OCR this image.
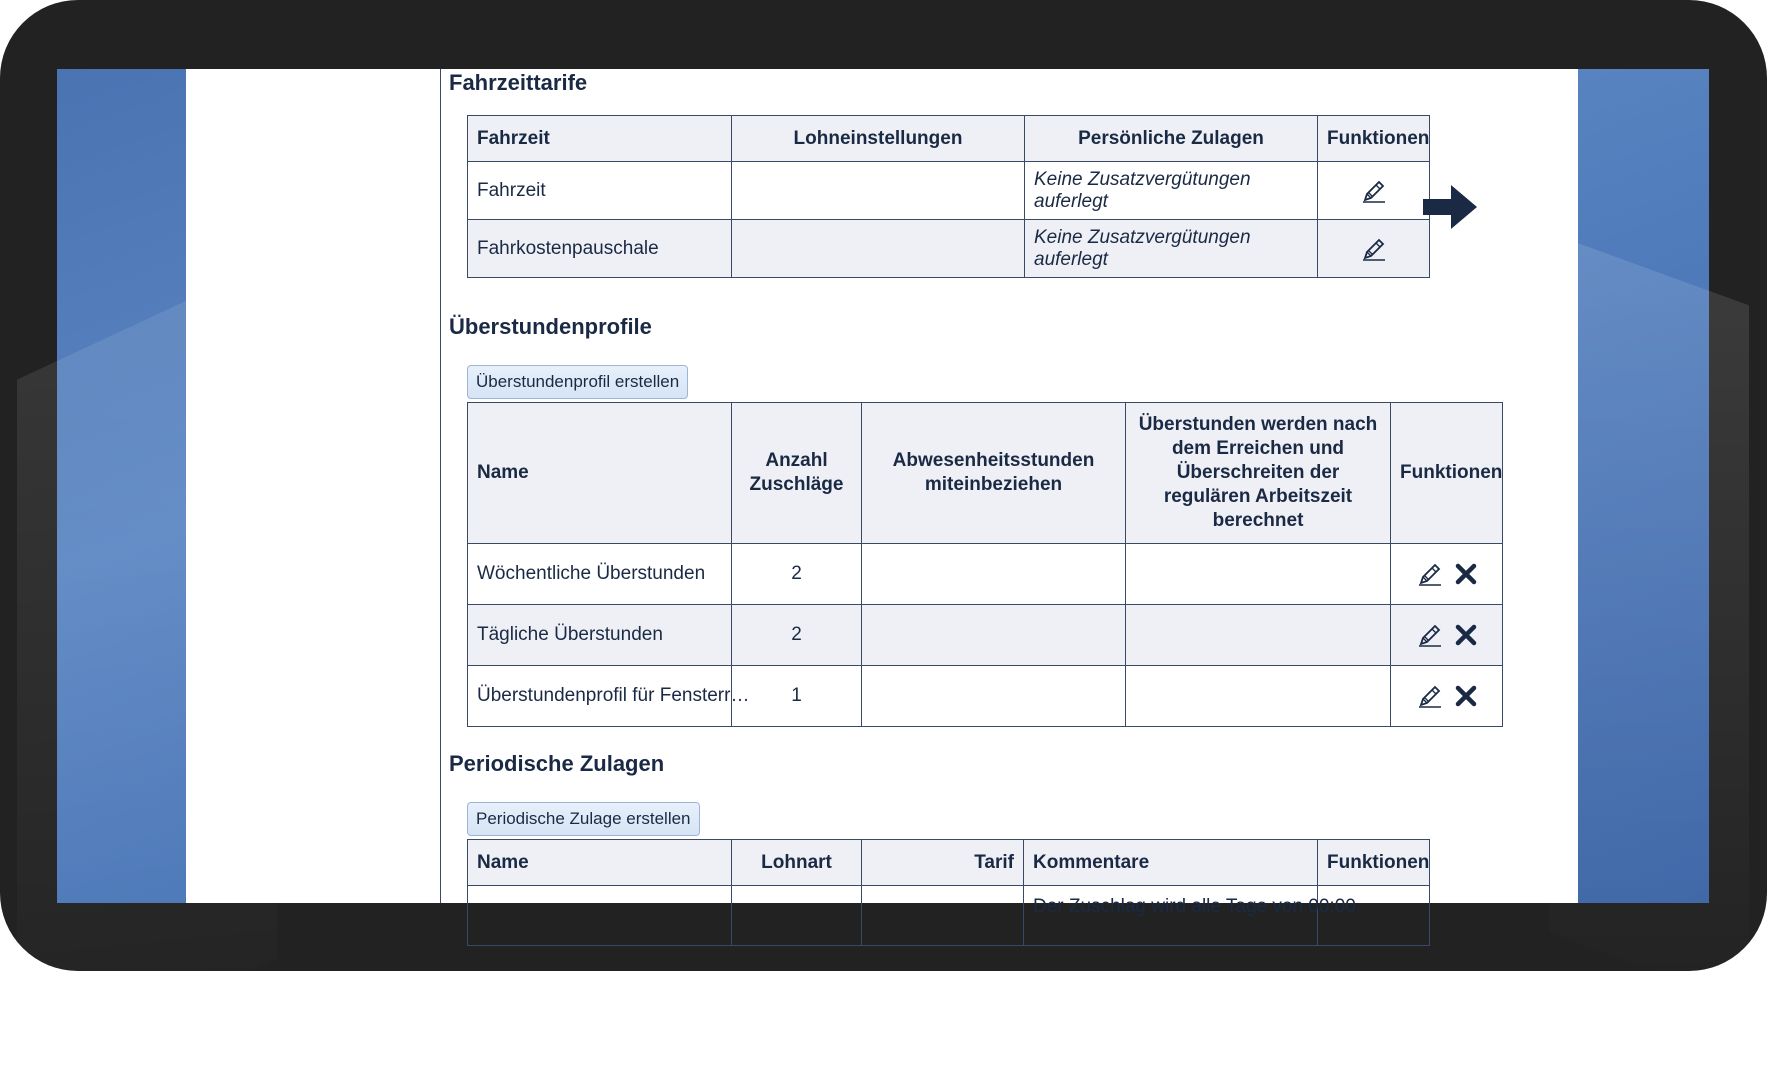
Fahrzeittarife
Fahrzeit	Lohneinstellungen	Persönliche Zulagen	Funktionen
Fahrzeit		Keine Zusatzvergütungen auferlegt	

Fahrkostenpauschale		Keine Zusatzvergütungen auferlegt	
Überstundenprofile
Überstundenprofil erstellen
Name	Anzahl Zuschläge	Abwesenheitsstunden miteinbeziehen	Überstunden werden nach dem Erreichen und Überschreiten der regulären Arbeitszeit berechnet	Funktionen
Wöchentliche Überstunden	2			

Tägliche Überstunden	2			

Überstundenprofil für Fensterr…	1			
Periodische Zulagen
Periodische Zulage erstellen
Name	Lohnart	Tarif	Kommentare	Funktionen
			Der Zuschlag wird alle Tage von 00:00	
